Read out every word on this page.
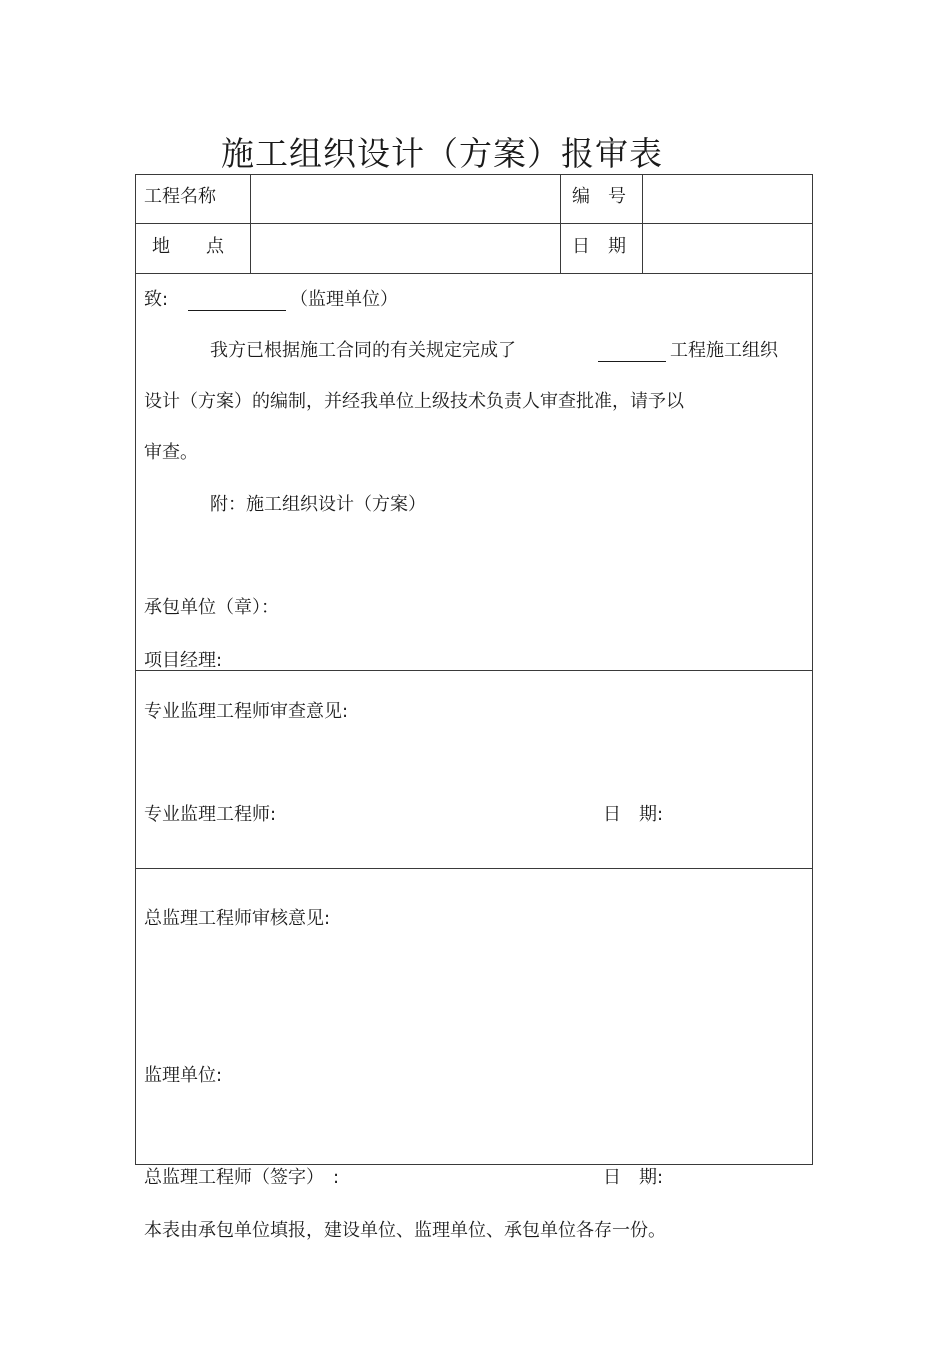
施工组织设计（方案）报审表
工程名称	编　号
地　　点	日　期
致:	（监理单位）
我方已根据施工合同的有关规定完成了	工程施工组织
设计（方案）的编制，并经我单位上级技术负责人审查批准，请予以
审查。
附：施工组织设计（方案）
承包单位（章）：
项目经理:
专业监理工程师审查意见:
专业监理工程师:	日　期:
总监理工程师审核意见:
监理单位:
总监理工程师（签字）　:	日　期:
本表由承包单位填报，建设单位、监理单位、承包单位各存一份。
